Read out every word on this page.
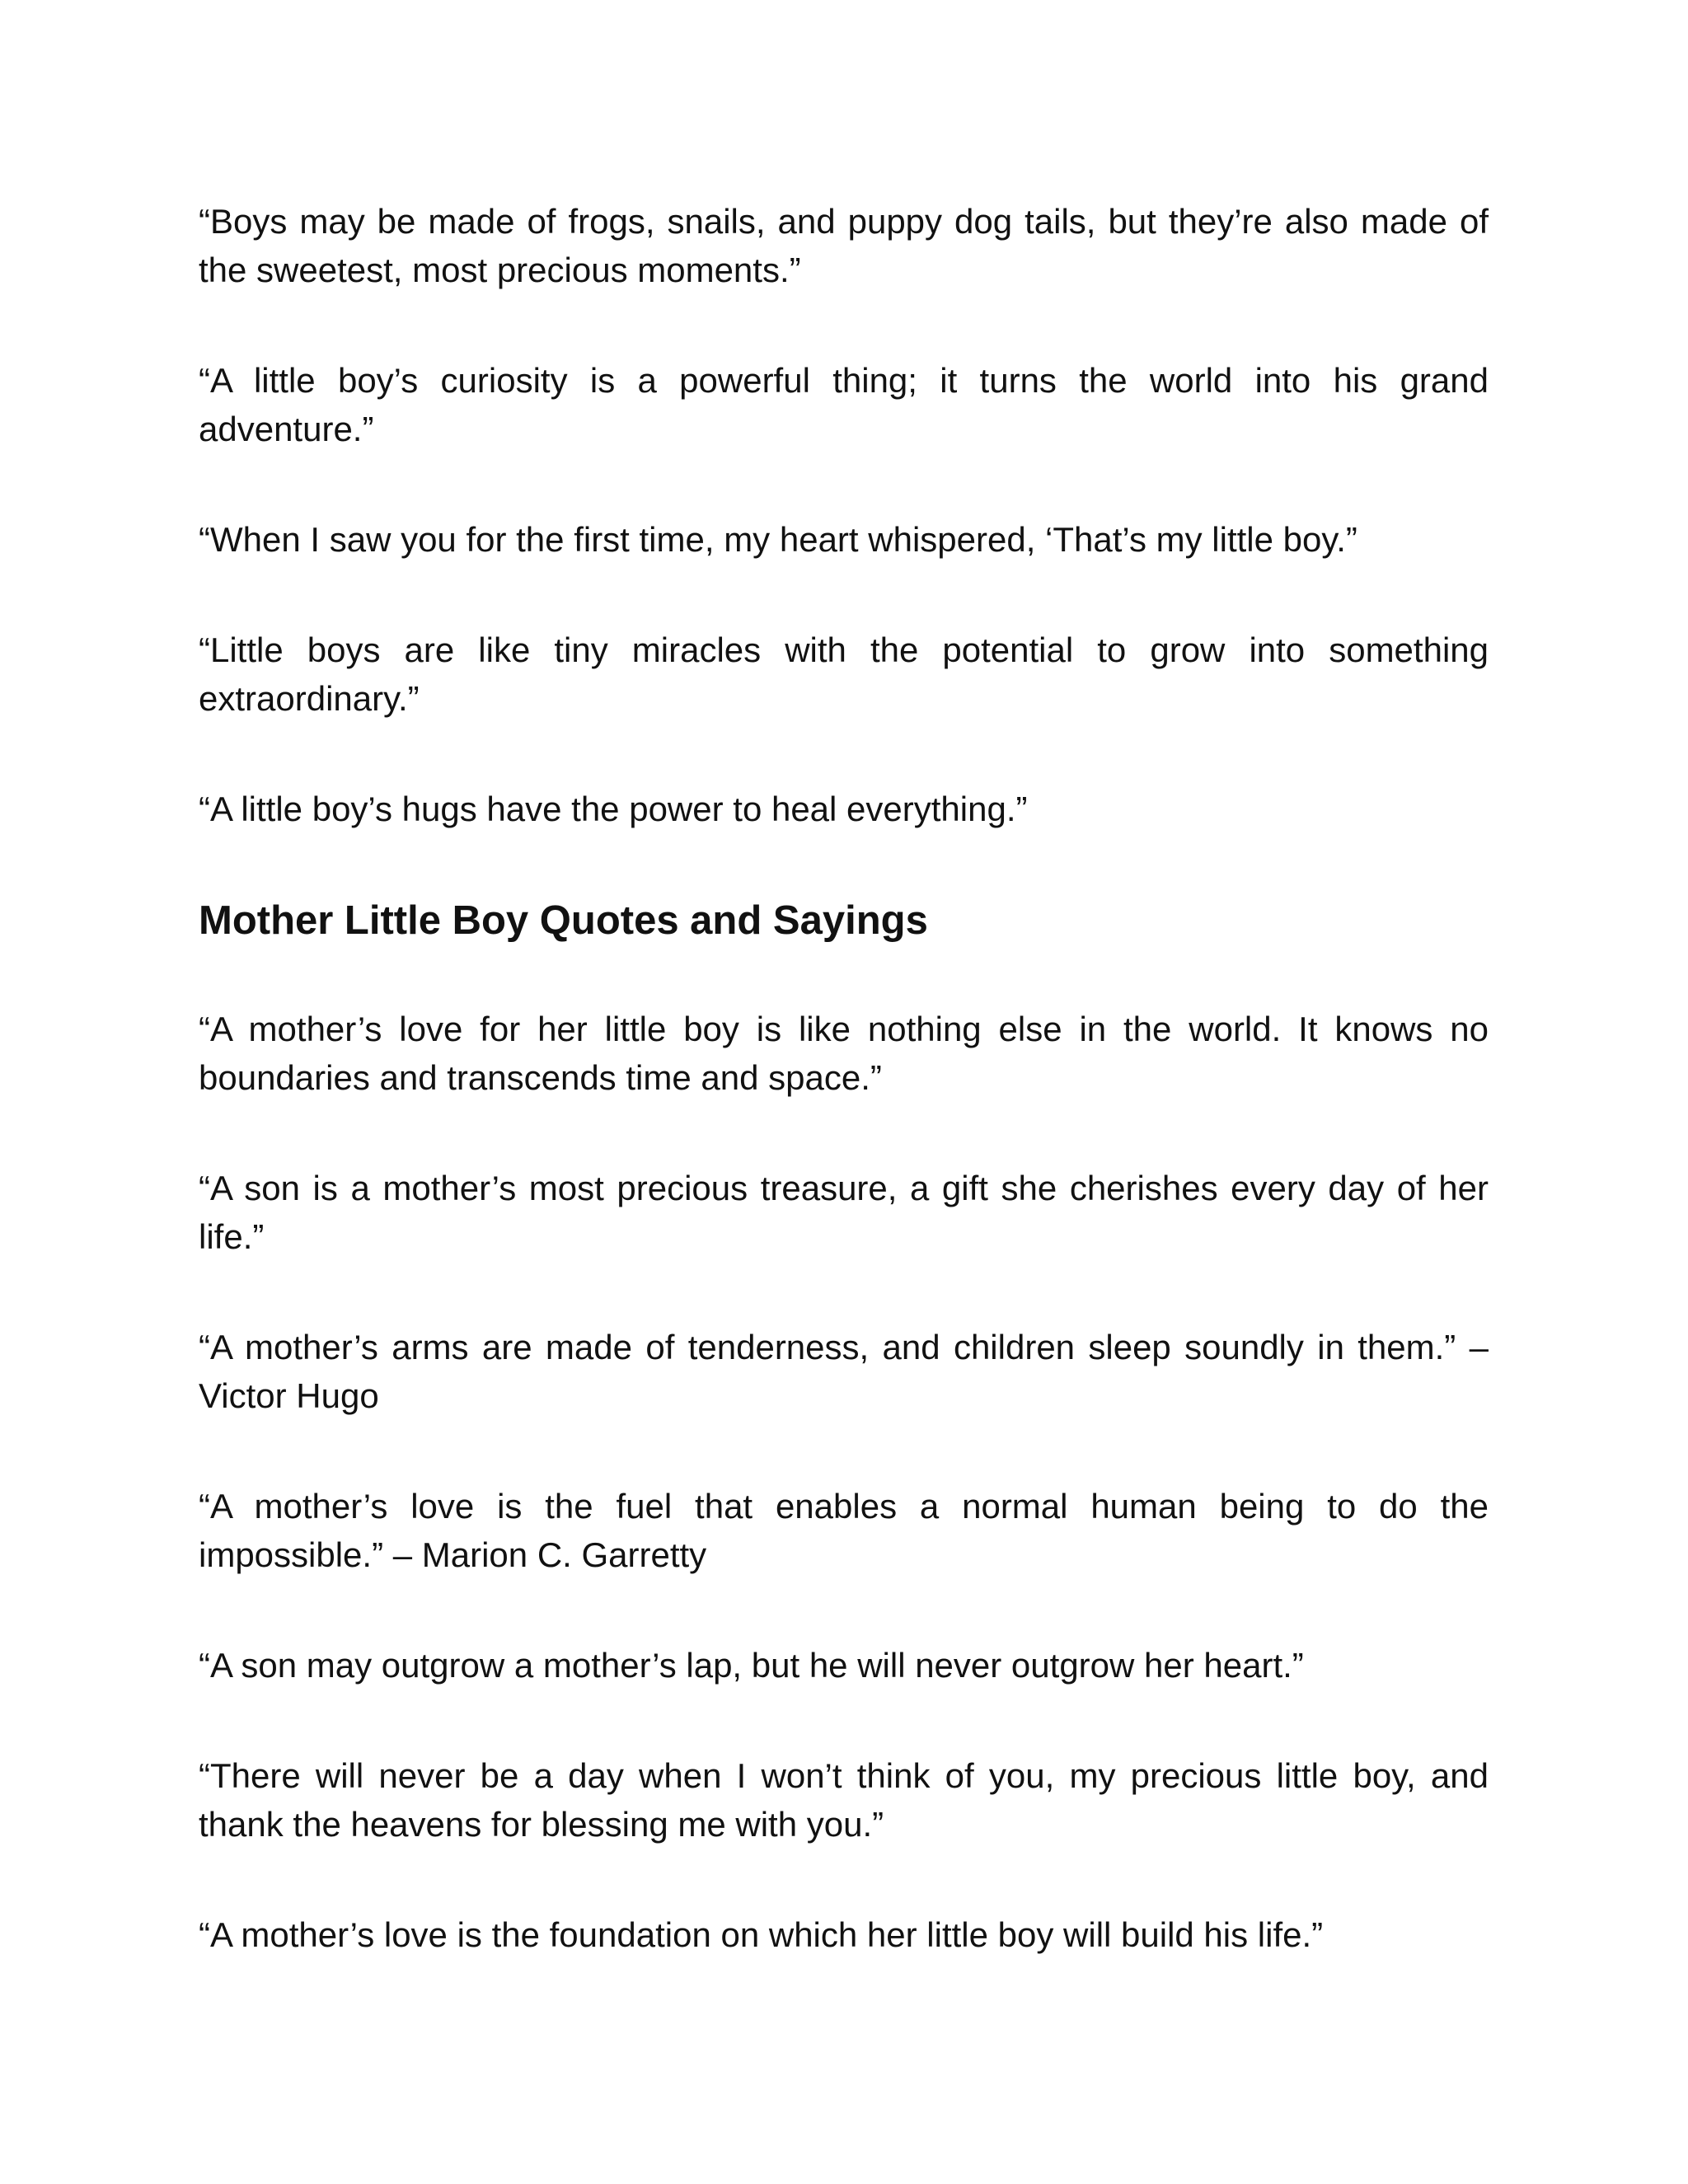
“Boys may be made of frogs, snails, and puppy dog tails, but they’re also made of the sweetest, most precious moments.”

“A little boy’s curiosity is a powerful thing; it turns the world into his grand adventure.”

“When I saw you for the first time, my heart whispered, ‘That’s my little boy.”

“Little boys are like tiny miracles with the potential to grow into something extraordinary.”

“A little boy’s hugs have the power to heal everything.”

Mother Little Boy Quotes and Sayings

“A mother’s love for her little boy is like nothing else in the world. It knows no boundaries and transcends time and space.”

“A son is a mother’s most precious treasure, a gift she cherishes every day of her life.”

“A mother’s arms are made of tenderness, and children sleep soundly in them.” – Victor Hugo

“A mother’s love is the fuel that enables a normal human being to do the impossible.” – Marion C. Garretty

“A son may outgrow a mother’s lap, but he will never outgrow her heart.”

“There will never be a day when I won’t think of you, my precious little boy, and thank the heavens for blessing me with you.”

“A mother’s love is the foundation on which her little boy will build his life.”
